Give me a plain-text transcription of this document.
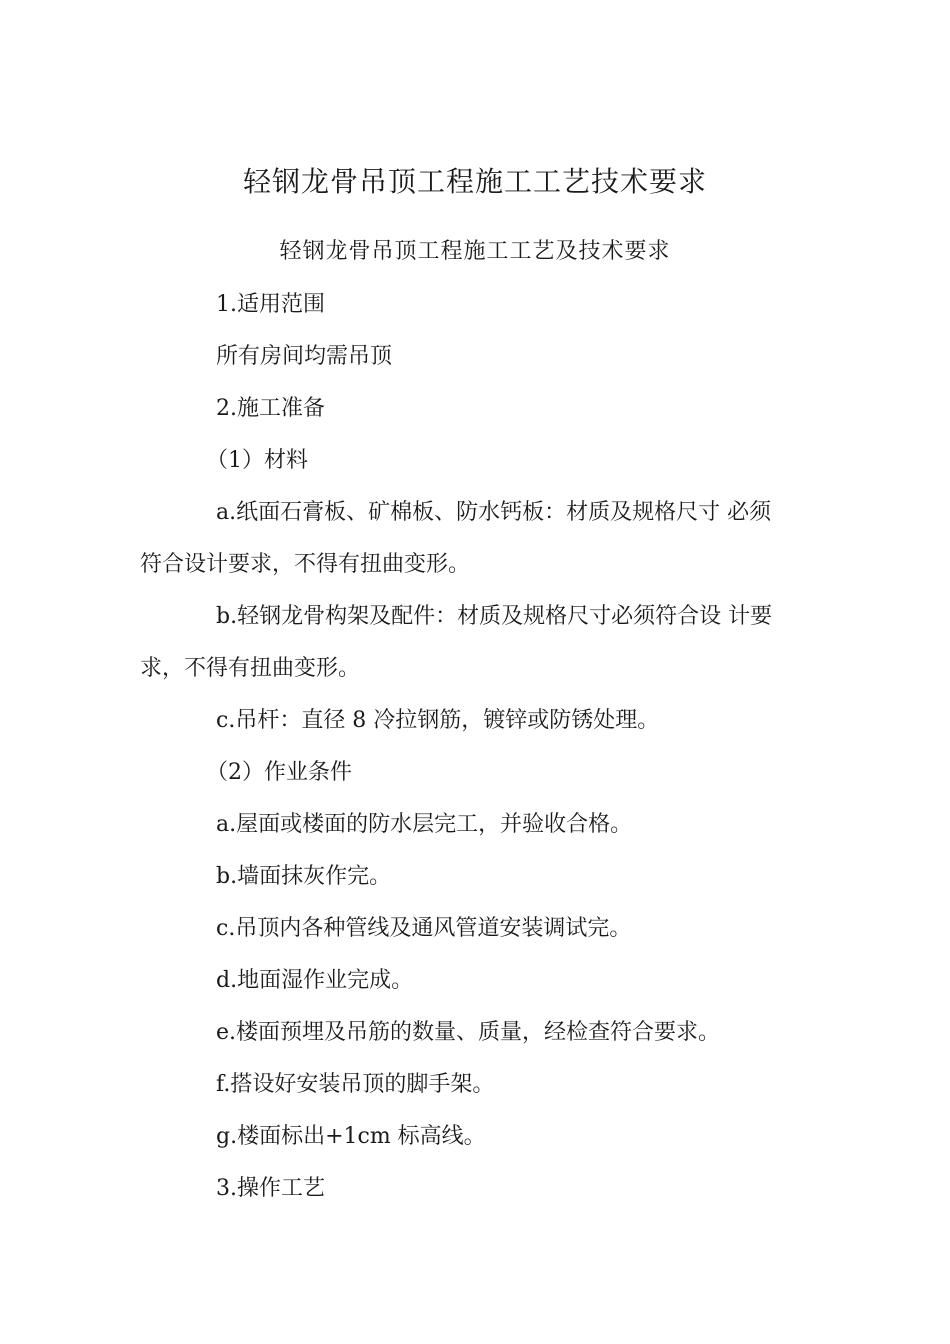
轻钢龙骨吊顶工程施工工艺技术要求
轻钢龙骨吊顶工程施工工艺及技术要求
1.适用范围
所有房间均需吊顶
2.施工准备
（1）材料
a.纸面石膏板、矿棉板、防水钙板：材质及规格尺寸 必须
符合设计要求，不得有扭曲变形。
b.轻钢龙骨构架及配件：材质及规格尺寸必须符合设 计要
求，不得有扭曲变形。
c.吊杆：直径 8 冷拉钢筋，镀锌或防锈处理。
（2）作业条件
a.屋面或楼面的防水层完工，并验收合格。
b.墙面抹灰作完。
c.吊顶内各种管线及通风管道安装调试完。
d.地面湿作业完成。
e.楼面预埋及吊筋的数量、质量，经检查符合要求。
f.搭设好安装吊顶的脚手架。
g.楼面标出+1cm 标高线。
3.操作工艺
